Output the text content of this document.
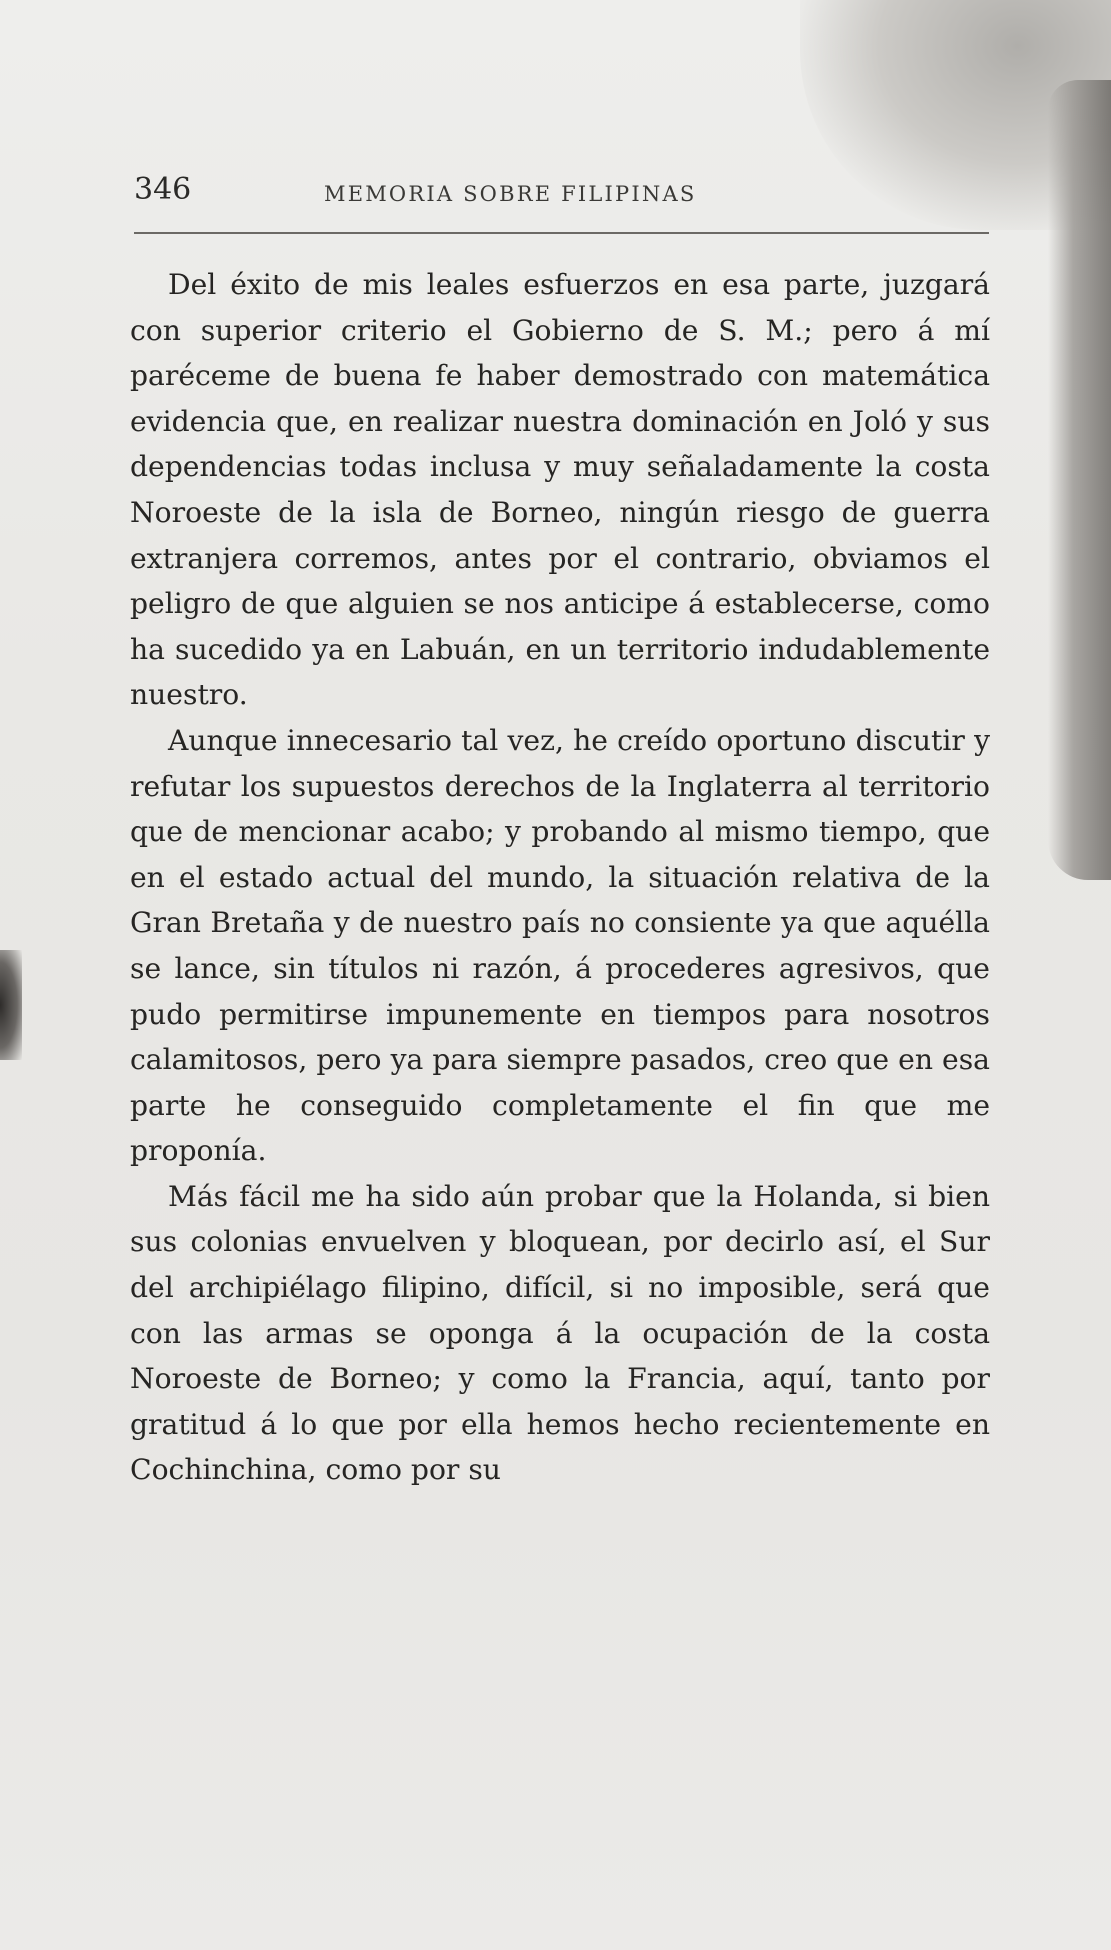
346	MEMORIA SOBRE FILIPINAS

Del éxito de mis leales esfuerzos en esa parte, juzgará con superior criterio el Gobierno de S. M.; pero á mí paréceme de buena fe haber demostrado con matemática evidencia que, en realizar nuestra dominación en Joló y sus dependencias todas inclusa y muy señaladamente la costa Noroeste de la isla de Borneo, ningún riesgo de guerra extranjera corremos, antes por el contrario, obviamos el peligro de que alguien se nos anticipe á establecerse, como ha sucedido ya en Labuán, en un territorio indudablemente nuestro.

Aunque innecesario tal vez, he creído oportuno discutir y refutar los supuestos derechos de la Inglaterra al territorio que de mencionar acabo; y probando al mismo tiempo, que en el estado actual del mundo, la situación relativa de la Gran Bretaña y de nuestro país no consiente ya que aquélla se lance, sin títulos ni razón, á procederes agresivos, que pudo permitirse impunemente en tiempos para nosotros calamitosos, pero ya para siempre pasados, creo que en esa parte he conseguido completamente el fin que me proponía.

Más fácil me ha sido aún probar que la Holanda, si bien sus colonias envuelven y bloquean, por decirlo así, el Sur del archipiélago filipino, difícil, si no imposible, será que con las armas se oponga á la ocupación de la costa Noroeste de Borneo; y como la Francia, aquí, tanto por gratitud á lo que por ella hemos hecho recientemente en Cochinchina, como por su
